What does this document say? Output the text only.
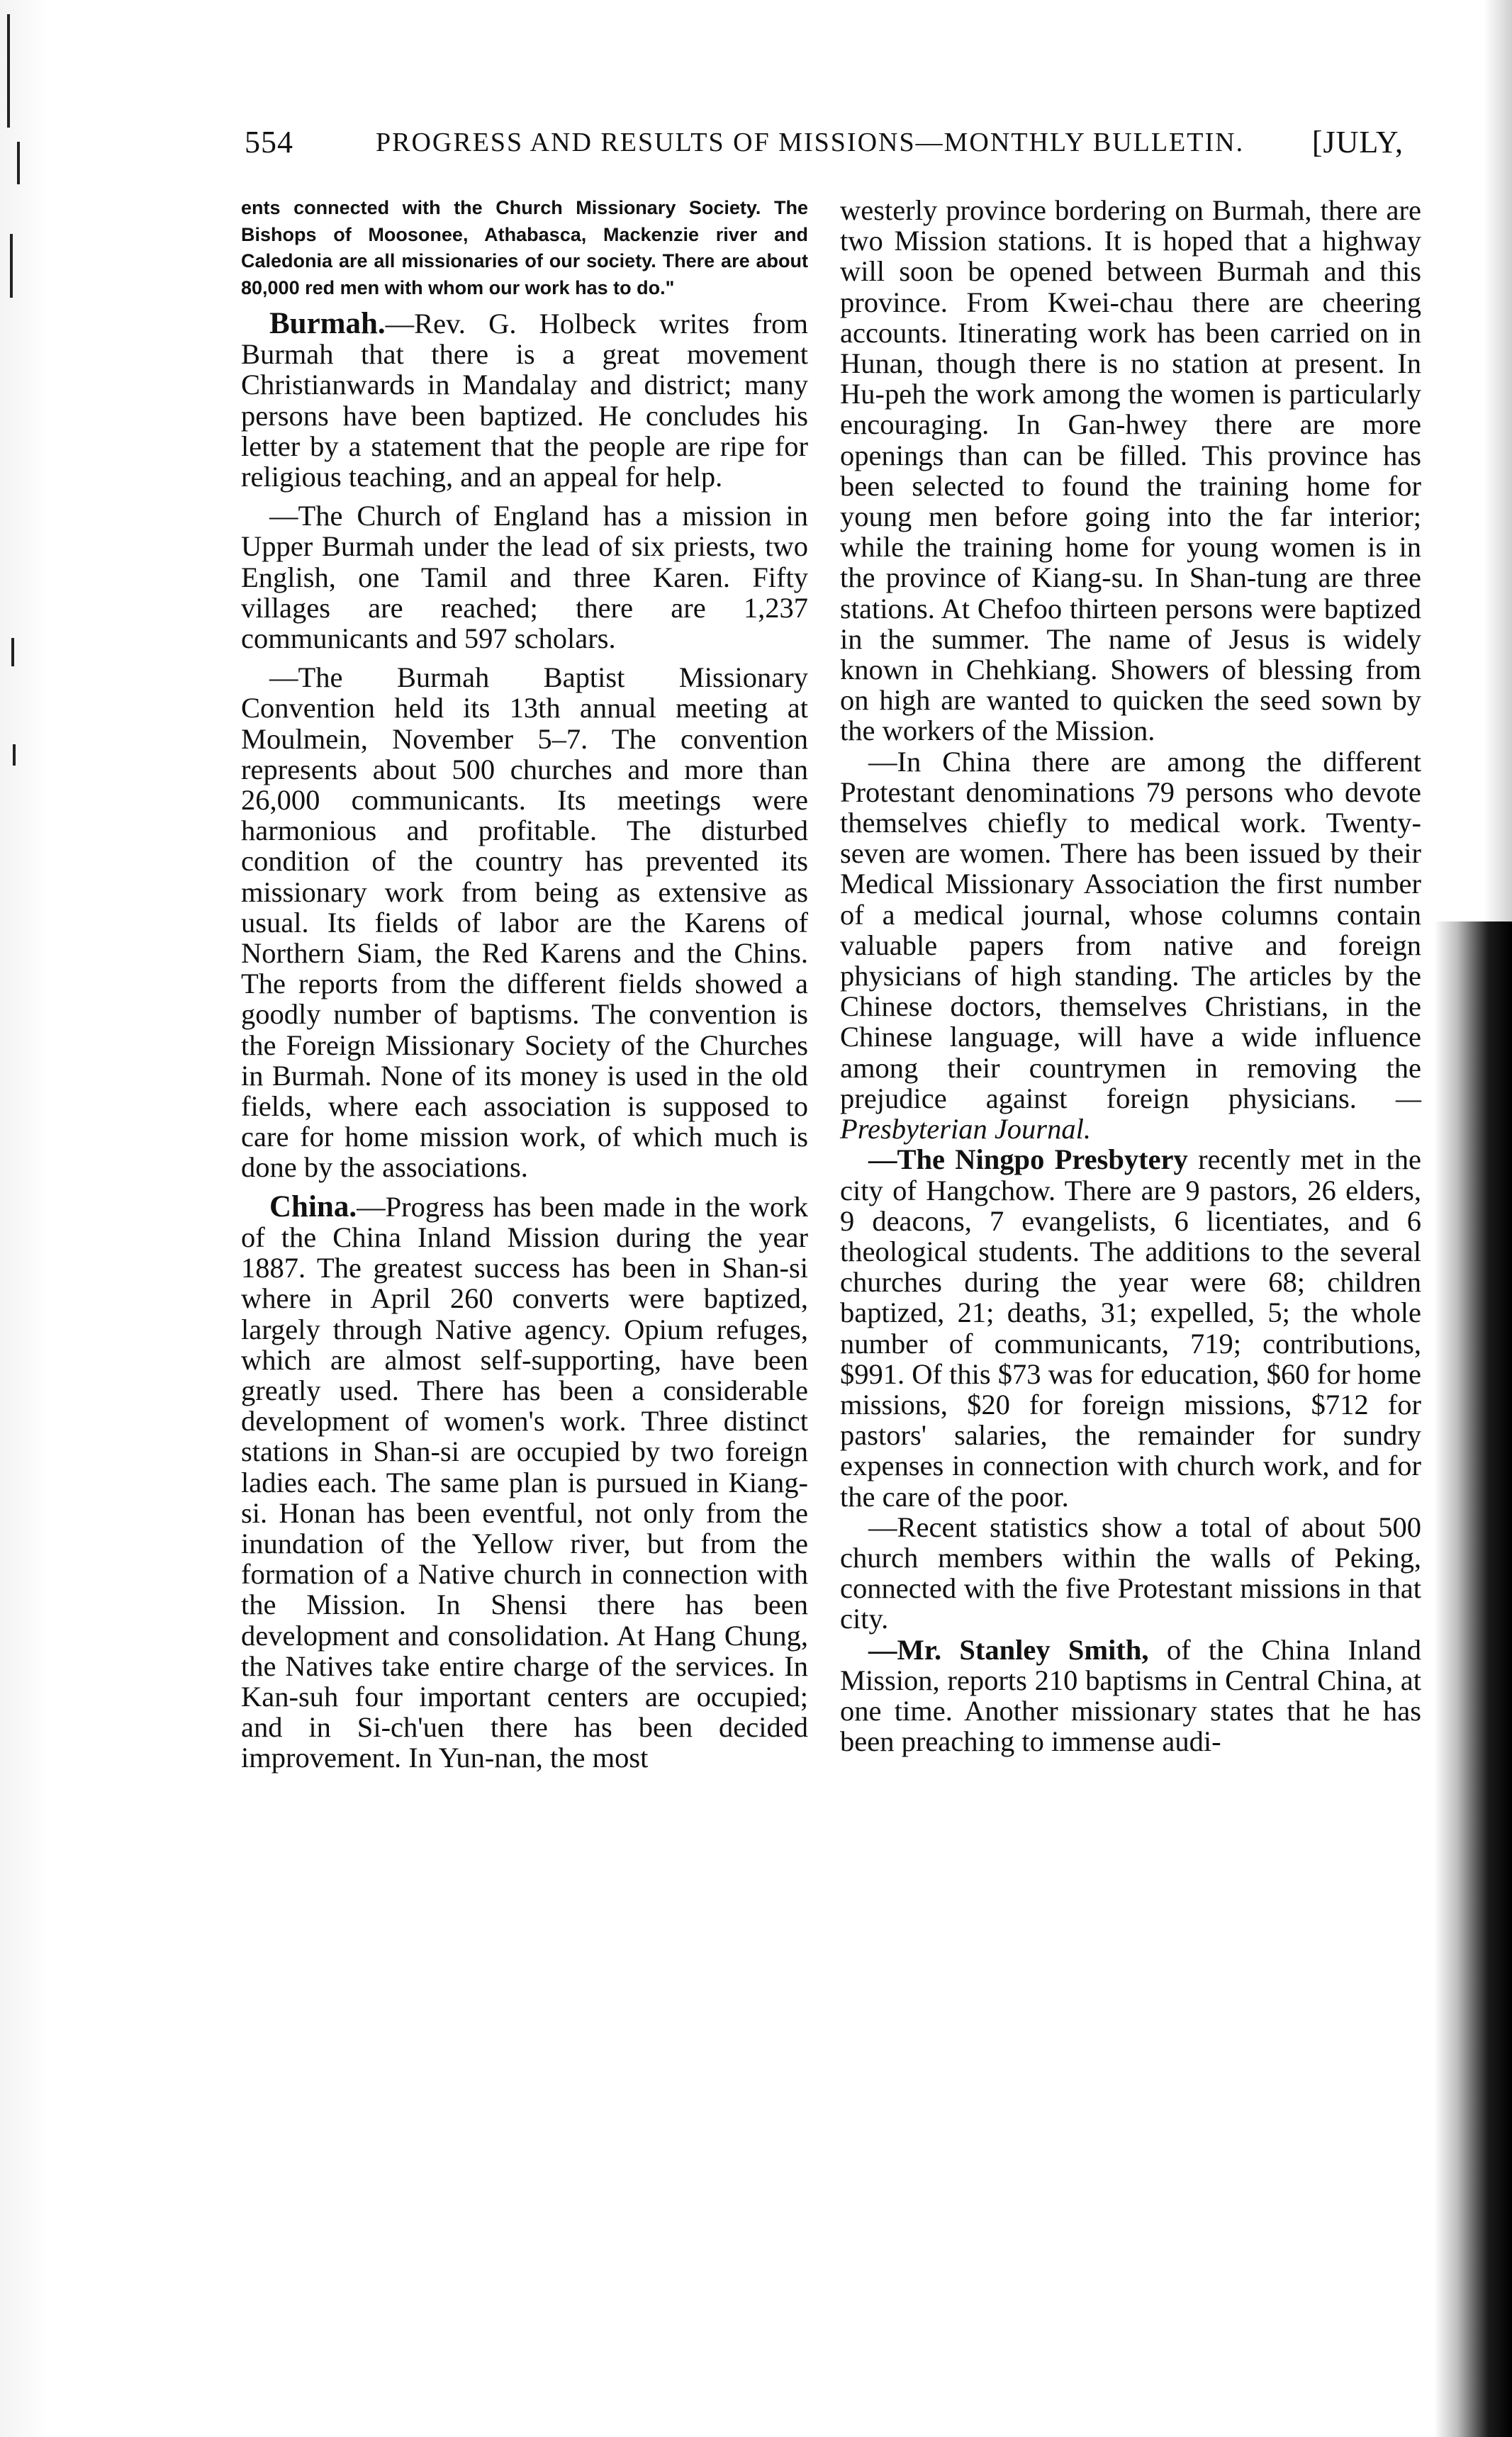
554	PROGRESS AND RESULTS OF MISSIONS—MONTHLY BULLETIN. [JULY,

ents connected with the Church Missionary Society. The Bishops of Moosonee, Athabasca, Mackenzie river and Caledonia are all missionaries of our society. There are about 80,000 red men with whom our work has to do."

Burmah.—Rev. G. Holbeck writes from Burmah that there is a great movement Christianwards in Mandalay and district; many persons have been baptized. He concludes his letter by a statement that the people are ripe for religious teaching, and an appeal for help.

—The Church of England has a mission in Upper Burmah under the lead of six priests, two English, one Tamil and three Karen. Fifty villages are reached; there are 1,237 communicants and 597 scholars.

—The Burmah Baptist Missionary Convention held its 13th annual meeting at Moulmein, November 5–7. The convention represents about 500 churches and more than 26,000 communicants. Its meetings were harmonious and profitable. The disturbed condition of the country has prevented its missionary work from being as extensive as usual. Its fields of labor are the Karens of Northern Siam, the Red Karens and the Chins. The reports from the different fields showed a goodly number of baptisms. The convention is the Foreign Missionary Society of the Churches in Burmah. None of its money is used in the old fields, where each association is supposed to care for home mission work, of which much is done by the associations.

China.—Progress has been made in the work of the China Inland Mission during the year 1887. The greatest success has been in Shan-si where in April 260 converts were baptized, largely through Native agency. Opium refuges, which are almost self-supporting, have been greatly used. There has been a considerable development of women's work. Three distinct stations in Shan-si are occupied by two foreign ladies each. The same plan is pursued in Kiang-si. Honan has been eventful, not only from the inundation of the Yellow river, but from the formation of a Native church in connection with the Mission. In Shensi there has been development and consolidation. At Hang Chung, the Natives take entire charge of the services. In Kan-suh four important centers are occupied; and in Si-ch'uen there has been decided improvement. In Yun-nan, the most

westerly province bordering on Burmah, there are two Mission stations. It is hoped that a highway will soon be opened between Burmah and this province. From Kwei-chau there are cheering accounts. Itinerating work has been carried on in Hunan, though there is no station at present. In Hu-peh the work among the women is particularly encouraging. In Gan-hwey there are more openings than can be filled. This province has been selected to found the training home for young men before going into the far interior; while the training home for young women is in the province of Kiang-su. In Shan-tung are three stations. At Chefoo thirteen persons were baptized in the summer. The name of Jesus is widely known in Chehkiang. Showers of blessing from on high are wanted to quicken the seed sown by the workers of the Mission.

—In China there are among the different Protestant denominations 79 persons who devote themselves chiefly to medical work. Twenty-seven are women. There has been issued by their Medical Missionary Association the first number of a medical journal, whose columns contain valuable papers from native and foreign physicians of high standing. The articles by the Chinese doctors, themselves Christians, in the Chinese language, will have a wide influence among their countrymen in removing the prejudice against foreign physicians. —Presbyterian Journal.

—The Ningpo Presbytery recently met in the city of Hangchow. There are 9 pastors, 26 elders, 9 deacons, 7 evangelists, 6 licentiates, and 6 theological students. The additions to the several churches during the year were 68; children baptized, 21; deaths, 31; expelled, 5; the whole number of communicants, 719; contributions, $991. Of this $73 was for education, $60 for home missions, $20 for foreign missions, $712 for pastors' salaries, the remainder for sundry expenses in connection with church work, and for the care of the poor.

—Recent statistics show a total of about 500 church members within the walls of Peking, connected with the five Protestant missions in that city.

—Mr. Stanley Smith, of the China Inland Mission, reports 210 baptisms in Central China, at one time. Another missionary states that he has been preaching to immense audi-
